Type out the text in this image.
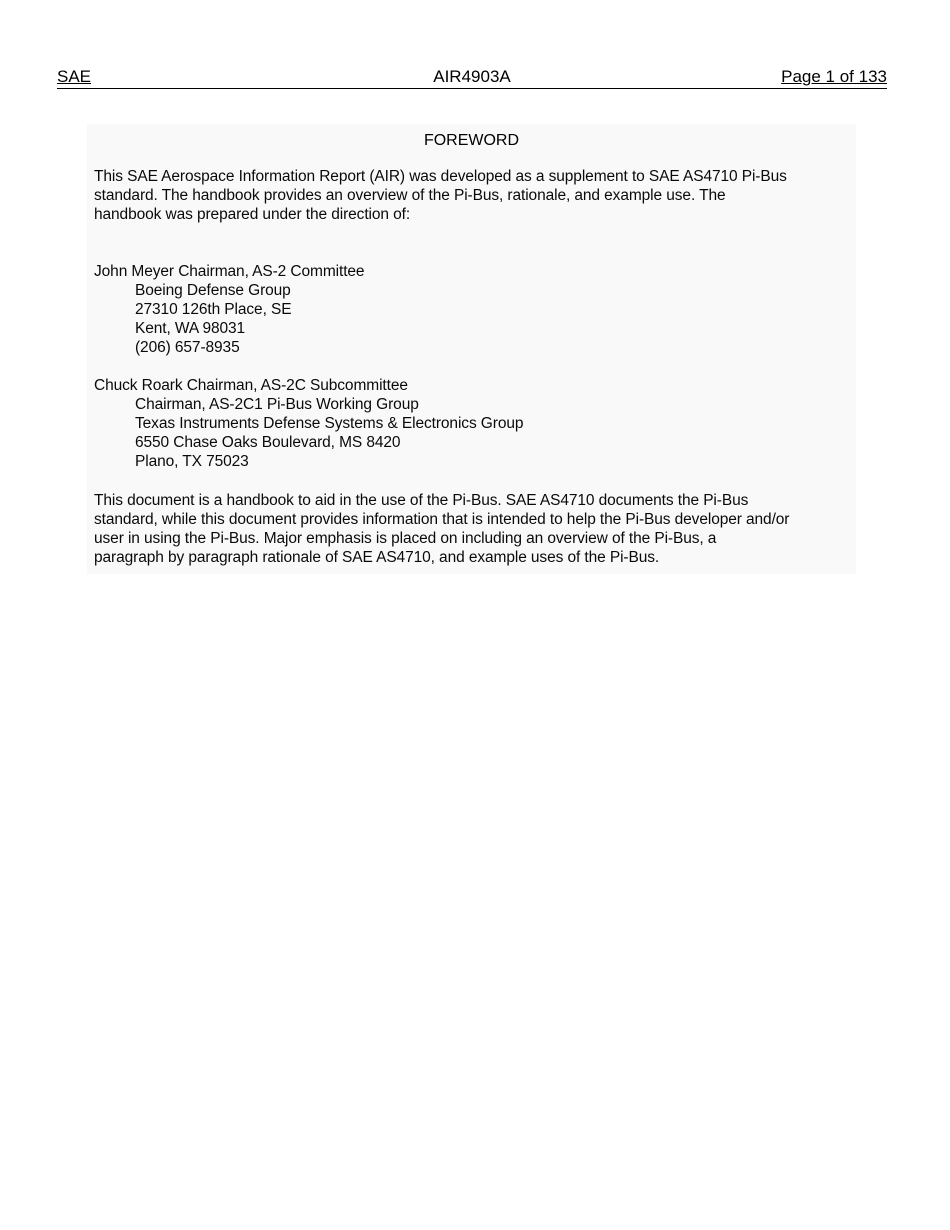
SAE	AIR4903A	Page 1 of 133
FOREWORD
This SAE Aerospace Information Report (AIR) was developed as a supplement to SAE AS4710 Pi-Bus
standard. The handbook provides an overview of the Pi-Bus, rationale, and example use. The
handbook was prepared under the direction of:
John Meyer Chairman, AS-2 Committee
Boeing Defense Group
27310 126th Place, SE
Kent, WA 98031
(206) 657-8935
Chuck Roark Chairman, AS-2C Subcommittee
Chairman, AS-2C1 Pi-Bus Working Group
Texas Instruments Defense Systems & Electronics Group
6550 Chase Oaks Boulevard, MS 8420
Plano, TX 75023
This document is a handbook to aid in the use of the Pi-Bus. SAE AS4710 documents the Pi-Bus
standard, while this document provides information that is intended to help the Pi-Bus developer and/or
user in using the Pi-Bus. Major emphasis is placed on including an overview of the Pi-Bus, a
paragraph by paragraph rationale of SAE AS4710, and example uses of the Pi-Bus.
